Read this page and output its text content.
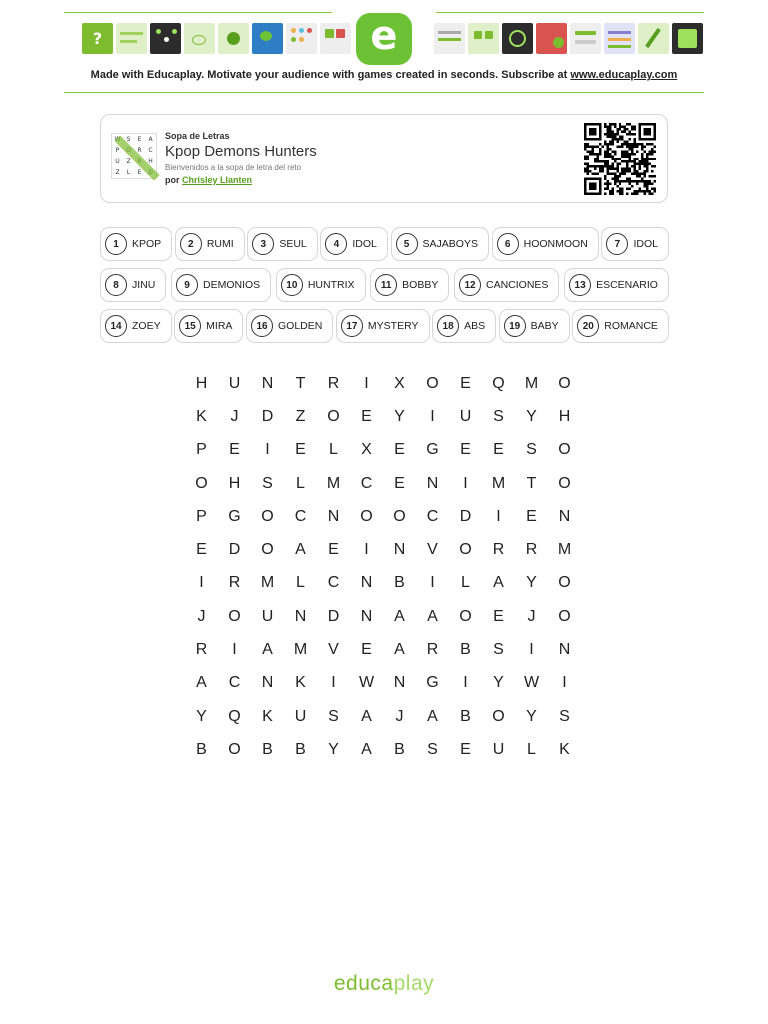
?	e
Made with Educaplay. Motivate your audience with games created in seconds. Subscribe at www.educaplay.com
S	E	A
P	R	C
U	Z	H
Z	L	E
Sopa de Letras
Kpop Demons Hunters
Bienvenidos a la sopa de letra del reto
por Chrisley Llanten
1	KPOP	2	RUMI	3	SEUL	4	IDOL	5	SAJABOYS	6	HOONMOON	7	IDOL
8	JINU	9	DEMONIOS	10 HUNTRIX	11	BOBBY	12 CANCIONES	13 ESCENARIO
14 ZOEY	15 MIRA	16 GOLDEN	17 MYSTERY	18 ABS	19 BABY	20 ROMANCE
H	U	N	T	R	I	X	O	E	Q	M	O
K	J	D	Z	O	E	Y	I	U	S	Y	H
P	E	I	E	L	X	E	G	E	E	S	O
O	H	S	L	M	C	E	N	I	M	T	O
P	G	O	C	N	O	O	C	D	I	E	N
E	D	O	A	E	I	N	V	O	R	R	M
I	R	M	L	C	N	B	I	L	A	Y	O
J	O	U	N	D	N	A	A	O	E	J	O
R	I	A	M	V	E	A	R	B	S	I	N
A	C	N	K	I	W	N	G	I	Y	W	I
Y	Q	K	U	S	A	J	A	B	O	Y	S
B	O	B	B	Y	A	B	S	E	U	L	K
educaplay
